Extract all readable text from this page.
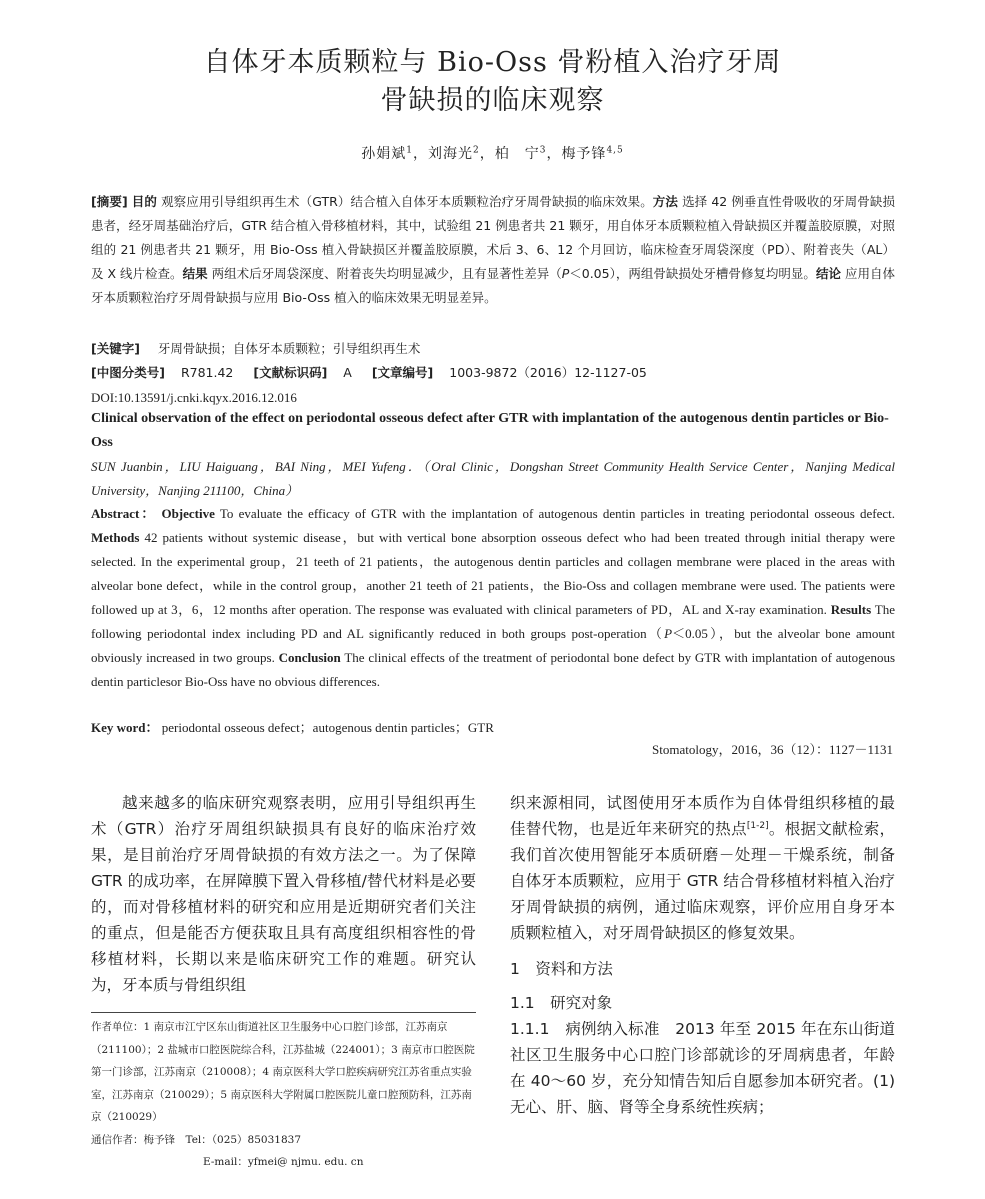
自体牙本质颗粒与 Bio-Oss 骨粉植入治疗牙周
骨缺损的临床观察
孙娟斌$^1$，刘海光$^2$，柏　宁$^3$，梅予锋$^{4,5}$
[摘要] 目的 观察应用引导组织再生术（GTR）结合植入自体牙本质颗粒治疗牙周骨缺损的临床效果。方法 选择 42 例垂直性骨吸收的牙周骨缺损患者，经牙周基础治疗后，GTR 结合植入骨移植材料，其中，试验组 21 例患者共 21 颗牙，用自体牙本质颗粒植入骨缺损区并覆盖胶原膜，对照组的 21 例患者共 21 颗牙，用 Bio-Oss 植入骨缺损区并覆盖胶原膜，术后 3、6、12 个月回访，临床检查牙周袋深度（PD）、附着丧失（AL）及 X 线片检查。结果 两组术后牙周袋深度、附着丧失均明显减少，且有显著性差异（P＜0.05），两组骨缺损处牙槽骨修复均明显。结论 应用自体牙本质颗粒治疗牙周骨缺损与应用 Bio-Oss 植入的临床效果无明显差异。
[关键字] 牙周骨缺损；自体牙本质颗粒；引导组织再生术
[中图分类号] R781.42 [文献标识码] A [文章编号] 1003-9872（2016）12-1127-05
DOI:10.13591/j.cnki.kqyx.2016.12.016
Clinical observation of the effect on periodontal osseous defect after GTR with implantation of the autogenous dentin particles or Bio-Oss
SUN Juanbin，LIU Haiguang，BAI Ning，MEI Yufeng．（Oral Clinic，Dongshan Street Community Health Service Center，Nanjing Medical University，Nanjing 211100，China）
Abstract： Objective To evaluate the efficacy of GTR with the implantation of autogenous dentin particles in treating periodontal osseous defect. Methods 42 patients without systemic disease，but with vertical bone absorption osseous defect who had been treated through initial therapy were selected. In the experimental group，21 teeth of 21 patients，the autogenous dentin particles and collagen membrane were placed in the areas with alveolar bone defect，while in the control group，another 21 teeth of 21 patients，the Bio-Oss and collagen membrane were used. The patients were followed up at 3，6，12 months after operation. The response was evaluated with clinical parameters of PD，AL and X-ray examination. Results The following periodontal index including PD and AL significantly reduced in both groups post-operation（P＜0.05），but the alveolar bone amount obviously increased in two groups. Conclusion The clinical effects of the treatment of periodontal bone defect by GTR with implantation of autogenous dentin particlesor Bio-Oss have no obvious differences.
Key word： periodontal osseous defect；autogenous dentin particles；GTR
Stomatology，2016，36（12）：1127－1131

越来越多的临床研究观察表明，应用引导组织再生术（GTR）治疗牙周组织缺损具有良好的临床治疗效果，是目前治疗牙周骨缺损的有效方法之一。为了保障 GTR 的成功率，在屏障膜下置入骨移植/替代材料是必要的，而对骨移植材料的研究和应用是近期研究者们关注的重点，但是能否方便获取且具有高度组织相容性的骨移植材料，长期以来是临床研究工作的难题。研究认为，牙本质与骨组织组

作者单位：1 南京市江宁区东山街道社区卫生服务中心口腔门诊部，江苏南京（211100）；2 盐城市口腔医院综合科，江苏盐城（224001）；3 南京市口腔医院第一门诊部，江苏南京（210008）；4 南京医科大学口腔疾病研究江苏省重点实验室，江苏南京（210029）；5 南京医科大学附属口腔医院儿童口腔预防科，江苏南京（210029）
通信作者：梅予锋　Tel：（025）85031837
E-mail：yfmei@ njmu. edu. cn

织来源相同，试图使用牙本质作为自体骨组织移植的最佳替代物，也是近年来研究的热点[1-2]。根据文献检索，我们首次使用智能牙本质研磨－处理－干燥系统，制备自体牙本质颗粒，应用于 GTR 结合骨移植材料植入治疗牙周骨缺损的病例，通过临床观察，评价应用自身牙本质颗粒植入，对牙周骨缺损区的修复效果。

1　资料和方法

1.1　研究对象

1.1.1　病例纳入标准　 2013 年至 2015 年在东山街道社区卫生服务中心口腔门诊部就诊的牙周病患者，年龄在 40～60 岁，充分知情告知后自愿参加本研究者。(1) 无心、肝、脑、肾等全身系统性疾病；
